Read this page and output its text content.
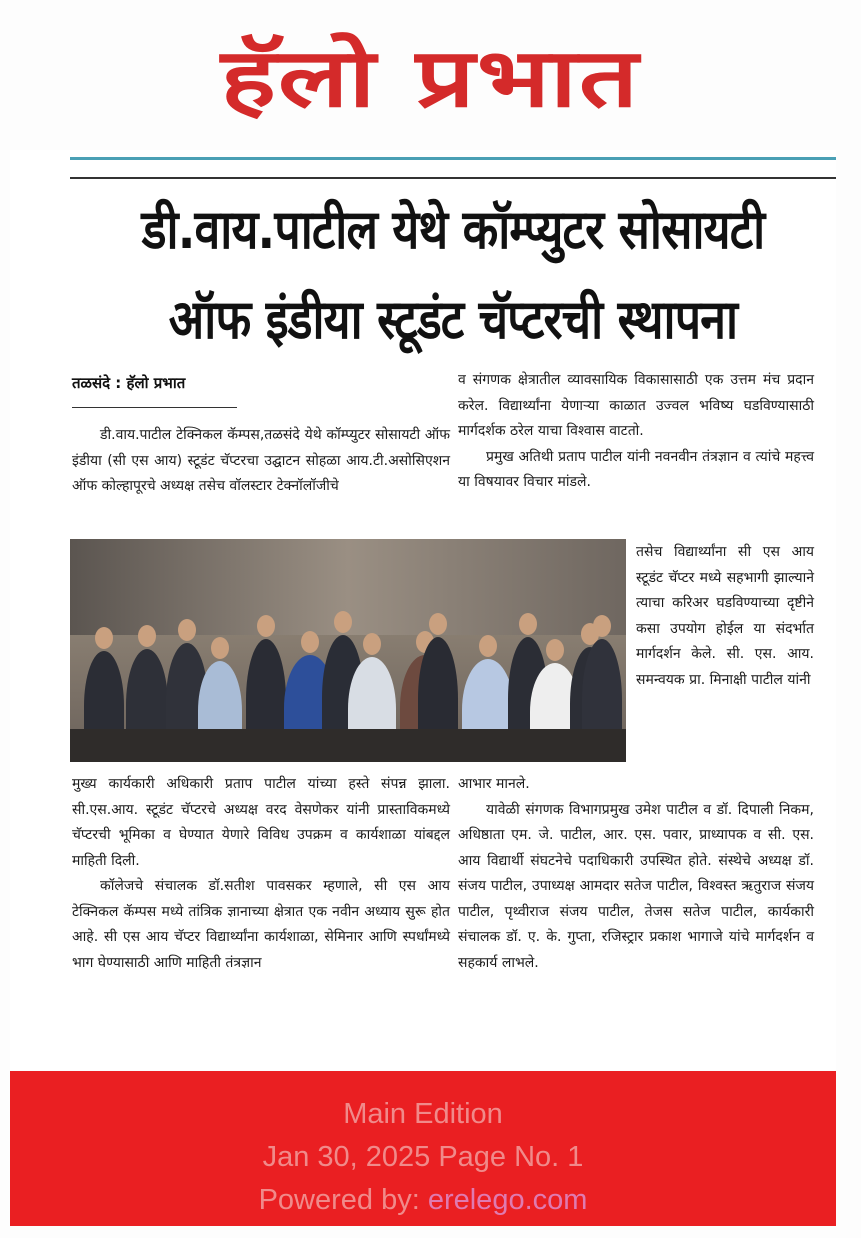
हॅलो प्रभात
डी.वाय.पाटील येथे कॉम्प्युटर सोसायटी
ऑफ इंडीया स्टूडंट चॅप्टरची स्थापना
तळसंदे : हॅलो प्रभात

डी.वाय.पाटील टेक्निकल कॅम्पस,तळसंदे येथे कॉम्प्युटर सोसायटी ऑफ इंडीया (सी एस आय) स्टूडंट चॅप्टरचा उद्घाटन सोहळा आय.टी.असोसिएशन ऑफ कोल्हापूरचे अध्यक्ष तसेच वॉलस्टार टेक्नॉलॉजीचे

व संगणक क्षेत्रातील व्यावसायिक विकासासाठी एक उत्तम मंच प्रदान करेल. विद्यार्थ्यांना येणाऱ्या काळात उज्वल भविष्य घडविण्यासाठी मार्गदर्शक ठरेल याचा विश्वास वाटतो.

प्रमुख अतिथी प्रताप पाटील यांनी नवनवीन तंत्रज्ञान व त्यांचे महत्त्व या विषयावर विचार मांडले.

तसेच विद्यार्थ्यांना सी एस आय स्टूडंट चॅप्टर मध्ये सहभागी झाल्याने त्याचा करिअर घडविण्याच्या दृष्टीने कसा उपयोग होईल या संदर्भात मार्गदर्शन केले. सी. एस. आय. समन्वयक प्रा. मिनाक्षी पाटील यांनी

मुख्य कार्यकारी अधिकारी प्रताप पाटील यांच्या हस्ते संपन्न झाला. सी.एस.आय. स्टूडंट चॅप्टरचे अध्यक्ष वरद वेसणेकर यांनी प्रास्ताविकमध्ये चॅप्टरची भूमिका व घेण्यात येणारे विविध उपक्रम व कार्यशाळा यांबद्दल माहिती दिली.

कॉलेजचे संचालक डॉ.सतीश पावसकर म्हणाले, सी एस आय टेक्निकल कॅम्पस मध्ये तांत्रिक ज्ञानाच्या क्षेत्रात एक नवीन अध्याय सुरू होत आहे. सी एस आय चॅप्टर विद्यार्थ्यांना कार्यशाळा, सेमिनार आणि स्पर्धांमध्ये भाग घेण्यासाठी आणि माहिती तंत्रज्ञान

आभार मानले.

यावेळी संगणक विभागप्रमुख उमेश पाटील व डॉ. दिपाली निकम, अधिष्ठाता एम. जे. पाटील, आर. एस. पवार, प्राध्यापक व सी. एस. आय विद्यार्थी संघटनेचे पदाधिकारी उपस्थित होते. संस्थेचे अध्यक्ष डॉ. संजय पाटील, उपाध्यक्ष आमदार सतेज पाटील, विश्वस्त ऋतुराज संजय पाटील, पृथ्वीराज संजय पाटील, तेजस सतेज पाटील, कार्यकारी संचालक डॉ. ए. के. गुप्ता, रजिस्ट्रार प्रकाश भागाजे यांचे मार्गदर्शन व सहकार्य लाभले.

Main Edition
Jan 30, 2025 Page No. 1
Powered by: erelego.com
